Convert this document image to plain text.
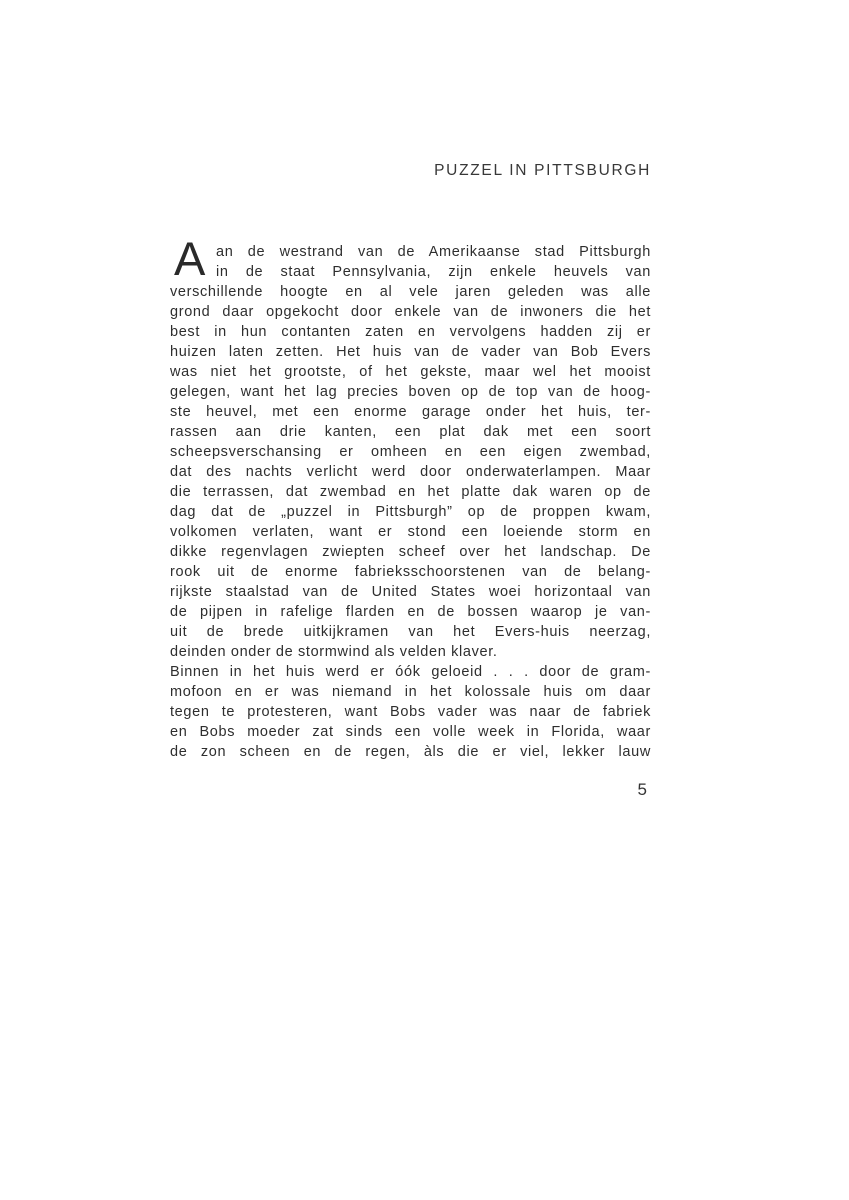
PUZZEL IN PITTSBURGH
A an de westrand van de Amerikaanse stad Pittsburgh
in de staat Pennsylvania, zijn enkele heuvels van
verschillende hoogte en al vele jaren geleden was alle
grond daar opgekocht door enkele van de inwoners die het
best in hun contanten zaten en vervolgens hadden zij er
huizen laten zetten. Het huis van de vader van Bob Evers
was niet het grootste, of het gekste, maar wel het mooist
gelegen, want het lag precies boven op de top van de hoog-
ste heuvel, met een enorme garage onder het huis, ter-
rassen aan drie kanten, een plat dak met een soort
scheepsverschansing er omheen en een eigen zwembad,
dat des nachts verlicht werd door onderwaterlampen. Maar
die terrassen, dat zwembad en het platte dak waren op de
dag dat de „puzzel in Pittsburgh” op de proppen kwam,
volkomen verlaten, want er stond een loeiende storm en
dikke regenvlagen zwiepten scheef over het landschap. De
rook uit de enorme fabrieksschoorstenen van de belang-
rijkste staalstad van de United States woei horizontaal van
de pijpen in rafelige flarden en de bossen waarop je van-
uit de brede uitkijkramen van het Evers-huis neerzag,
deinden onder de stormwind als velden klaver.
Binnen in het huis werd er óók geloeid . . . door de gram-
mofoon en er was niemand in het kolossale huis om daar
tegen te protesteren, want Bobs vader was naar de fabriek
en Bobs moeder zat sinds een volle week in Florida, waar
de zon scheen en de regen, àls die er viel, lekker lauw
5
